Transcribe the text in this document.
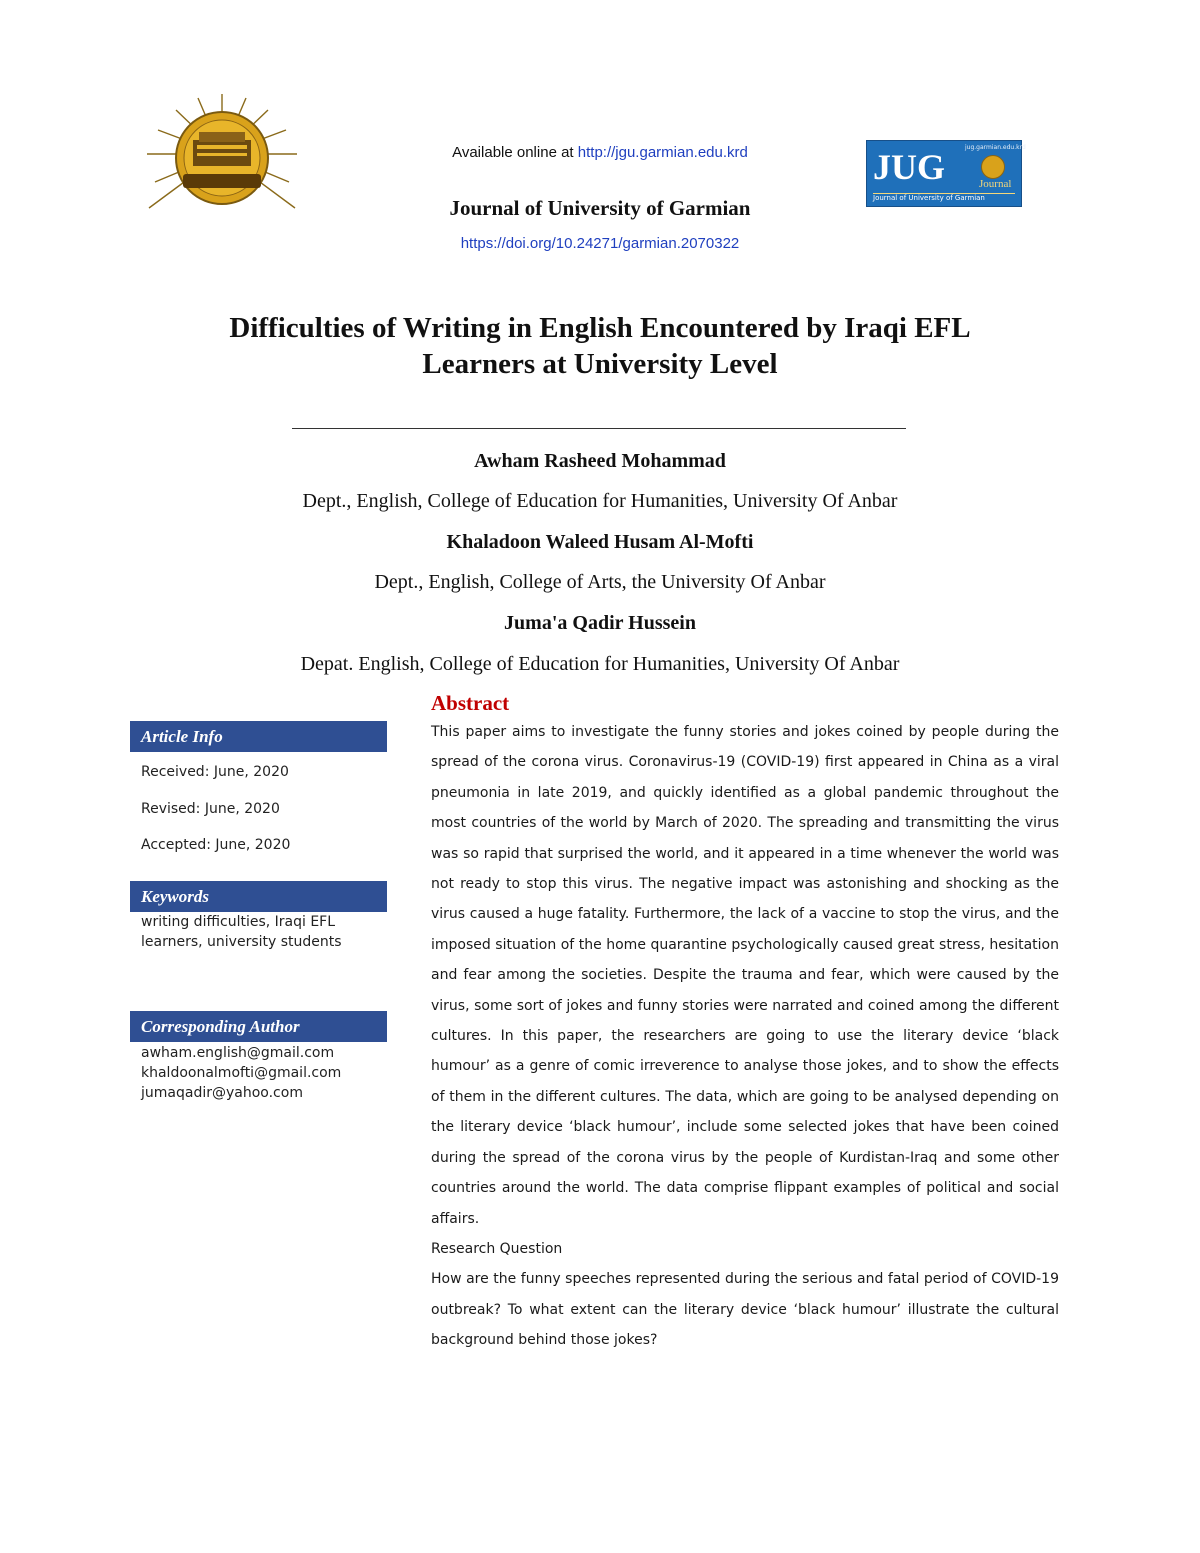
Available online at http://jgu.garmian.edu.krd
Journal of University of Garmian
https://doi.org/10.24271/garmian.2070322
jug.garmian.edu.krd
JUG	Journal
Journal of University of Garmian
Difficulties of Writing in English Encountered by Iraqi EFL
Learners at University Level
Awham Rasheed Mohammad
Dept., English, College of Education for Humanities, University Of Anbar
Khaladoon Waleed Husam Al-Mofti
Dept., English, College of Arts, the University Of Anbar
Juma'a Qadir Hussein
Depat. English, College of Education for Humanities, University Of Anbar
Article Info
Received: June, 2020
Revised: June, 2020
Accepted: June, 2020
Keywords
writing difficulties, Iraqi EFL learners, university students
Corresponding Author
awham.english@gmail.com
khaldoonalmofti@gmail.com
jumaqadir@yahoo.com
Abstract

This paper aims to investigate the funny stories and jokes coined by people during the spread of the corona virus. Coronavirus-19 (COVID-19) first appeared in China as a viral pneumonia in late 2019, and quickly identified as a global pandemic throughout the most countries of the world by March of 2020. The spreading and transmitting the virus was so rapid that surprised the world, and it appeared in a time whenever the world was not ready to stop this virus. The negative impact was astonishing and shocking as the virus caused a huge fatality. Furthermore, the lack of a vaccine to stop the virus, and the imposed situation of the home quarantine psychologically caused great stress, hesitation and fear among the societies. Despite the trauma and fear, which were caused by the virus, some sort of jokes and funny stories were narrated and coined among the different cultures. In this paper, the researchers are going to use the literary device ‘black humour’ as a genre of comic irreverence to analyse those jokes, and to show the effects of them in the different cultures. The data, which are going to be analysed depending on the literary device ‘black humour’, include some selected jokes that have been coined during the spread of the corona virus by the people of Kurdistan-Iraq and some other countries around the world. The data comprise flippant examples of political and social affairs.

Research Question

How are the funny speeches represented during the serious and fatal period of COVID-19 outbreak? To what extent can the literary device ‘black humour’ illustrate the cultural background behind those jokes?
